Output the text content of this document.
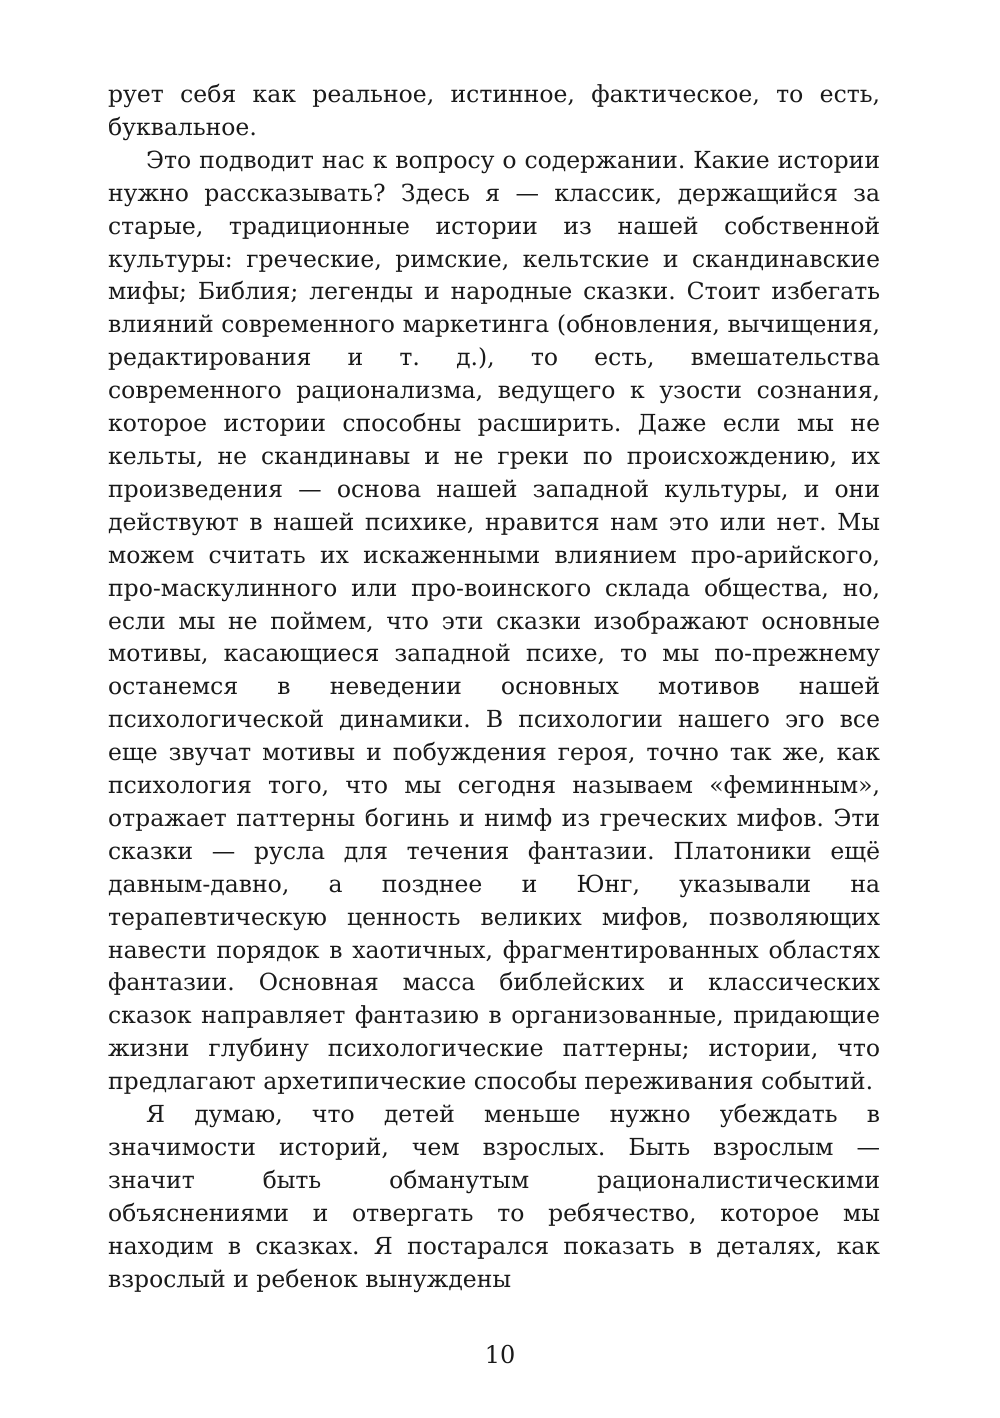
рует себя как реальное, истинное, фактическое, то есть, буквальное.

Это подводит нас к вопросу о содержании. Какие истории нужно рассказывать? Здесь я — классик, держащийся за старые, традиционные истории из нашей собственной культуры: греческие, римские, кельтские и скандинавские мифы; Библия; легенды и народные сказки. Стоит избегать влияний современного маркетинга (обновления, вычищения, редактирования и т. д.), то есть, вмешательства современного рационализма, ведущего к узости сознания, которое истории способны расширить. Даже если мы не кельты, не скандинавы и не греки по происхождению, их произведения — основа нашей западной культуры, и они действуют в нашей психике, нравится нам это или нет. Мы можем считать их искаженными влиянием про-арийского, про-маскулинного или про-воинского склада общества, но, если мы не поймем, что эти сказки изображают основные мотивы, касающиеся западной психе, то мы по-прежнему останемся в неведении основных мотивов нашей психологической динамики. В психологии нашего эго все еще звучат мотивы и побуждения героя, точно так же, как психология того, что мы сегодня называем «феминным», отражает паттерны богинь и нимф из греческих мифов. Эти сказки — русла для течения фантазии. Платоники ещё давным-давно, а позднее и Юнг, указывали на терапевтическую ценность великих мифов, позволяющих навести порядок в хаотичных, фрагментированных областях фантазии. Основная масса библейских и классических сказок направляет фантазию в организованные, придающие жизни глубину психологические паттерны; истории, что предлагают архетипические способы переживания событий.

Я думаю, что детей меньше нужно убеждать в значимости историй, чем взрослых. Быть взрослым — значит быть обманутым рационалистическими объяснениями и отвергать то ребячество, которое мы находим в сказках. Я постарался показать в деталях, как взрослый и ребенок вынуждены

10
